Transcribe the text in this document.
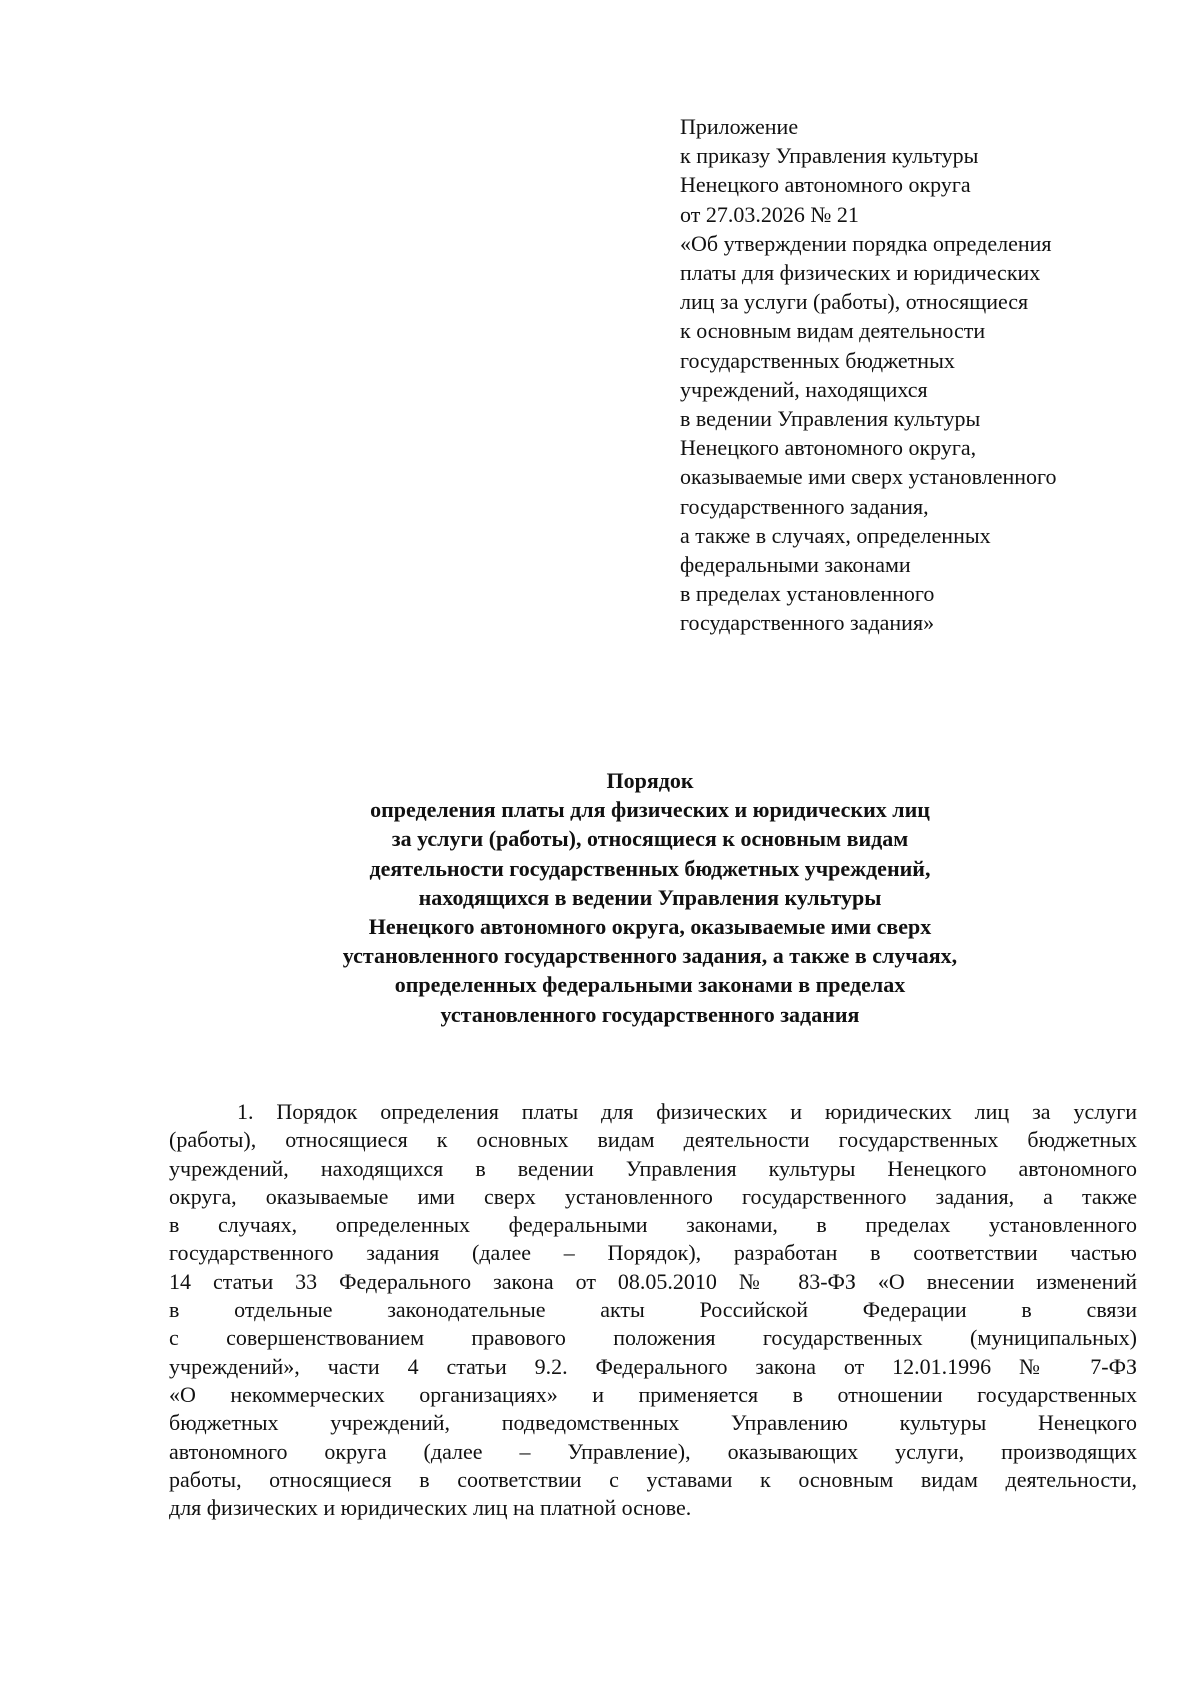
Приложение
к приказу Управления культуры
Ненецкого автономного округа
от 27.03.2026 № 21
«Об утверждении порядка определения
платы для физических и юридических
лиц за услуги (работы), относящиеся
к основным видам деятельности
государственных бюджетных
учреждений, находящихся
в ведении Управления культуры
Ненецкого автономного округа,
оказываемые ими сверх установленного
государственного задания,
а также в случаях, определенных
федеральными законами
в пределах установленного
государственного задания»
Порядок
определения платы для физических и юридических лиц
за услуги (работы), относящиеся к основным видам
деятельности государственных бюджетных учреждений,
находящихся в ведении Управления культуры
Ненецкого автономного округа, оказываемые ими сверх
установленного государственного задания, а также в случаях,
определенных федеральными законами в пределах
установленного государственного задания
1. Порядок определения платы для физических и юридических лиц за услуги
(работы), относящиеся к основных видам деятельности государственных бюджетных
учреждений, находящихся в ведении Управления культуры Ненецкого автономного
округа, оказываемые ими сверх установленного государственного задания, а также
в случаях, определенных федеральными законами, в пределах установленного
государственного задания (далее – Порядок), разработан в соответствии частью
14 статьи 33 Федерального закона от 08.05.2010 № 83-ФЗ «О внесении изменений
в отдельные законодательные акты Российской Федерации в связи
с совершенствованием правового положения государственных (муниципальных)
учреждений», части 4 статьи 9.2. Федерального закона от 12.01.1996 № 7-ФЗ
«О некоммерческих организациях» и применяется в отношении государственных
бюджетных учреждений, подведомственных Управлению культуры Ненецкого
автономного округа (далее – Управление), оказывающих услуги, производящих
работы, относящиеся в соответствии с уставами к основным видам деятельности,
для физических и юридических лиц на платной основе.
